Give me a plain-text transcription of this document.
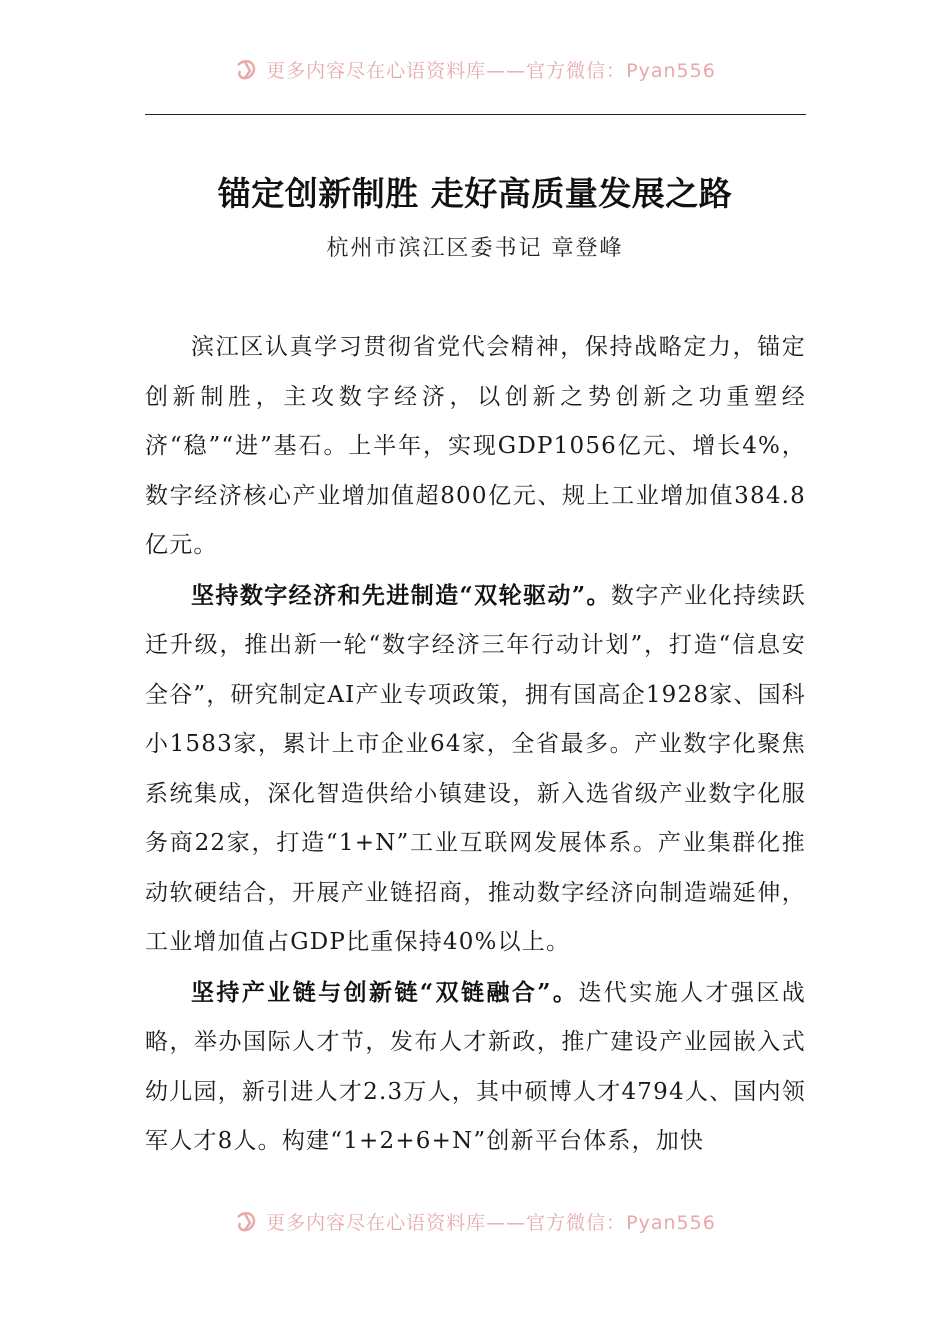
更多内容尽在心语资料库——官方微信：Pyan556
锚定创新制胜 走好高质量发展之路
杭州市滨江区委书记 章登峰

滨江区认真学习贯彻省党代会精神，保持战略定力，锚定创新制胜，主攻数字经济，以创新之势创新之功重塑经济“稳”“进”基石。上半年，实现GDP1056亿元、增长4%，数字经济核心产业增加值超800亿元、规上工业增加值384.8亿元。

坚持数字经济和先进制造“双轮驱动”。数字产业化持续跃迁升级，推出新一轮“数字经济三年行动计划”，打造“信息安全谷”，研究制定AI产业专项政策，拥有国高企1928家、国科小1583家，累计上市企业64家，全省最多。产业数字化聚焦系统集成，深化智造供给小镇建设，新入选省级产业数字化服务商22家，打造“1+N”工业互联网发展体系。产业集群化推动软硬结合，开展产业链招商，推动数字经济向制造端延伸，工业增加值占GDP比重保持40%以上。

坚持产业链与创新链“双链融合”。迭代实施人才强区战略，举办国际人才节，发布人才新政，推广建设产业园嵌入式幼儿园，新引进人才2.3万人，其中硕博人才4794人、国内领军人才8人。构建“1+2+6+N”创新平台体系，加快

更多内容尽在心语资料库——官方微信：Pyan556
